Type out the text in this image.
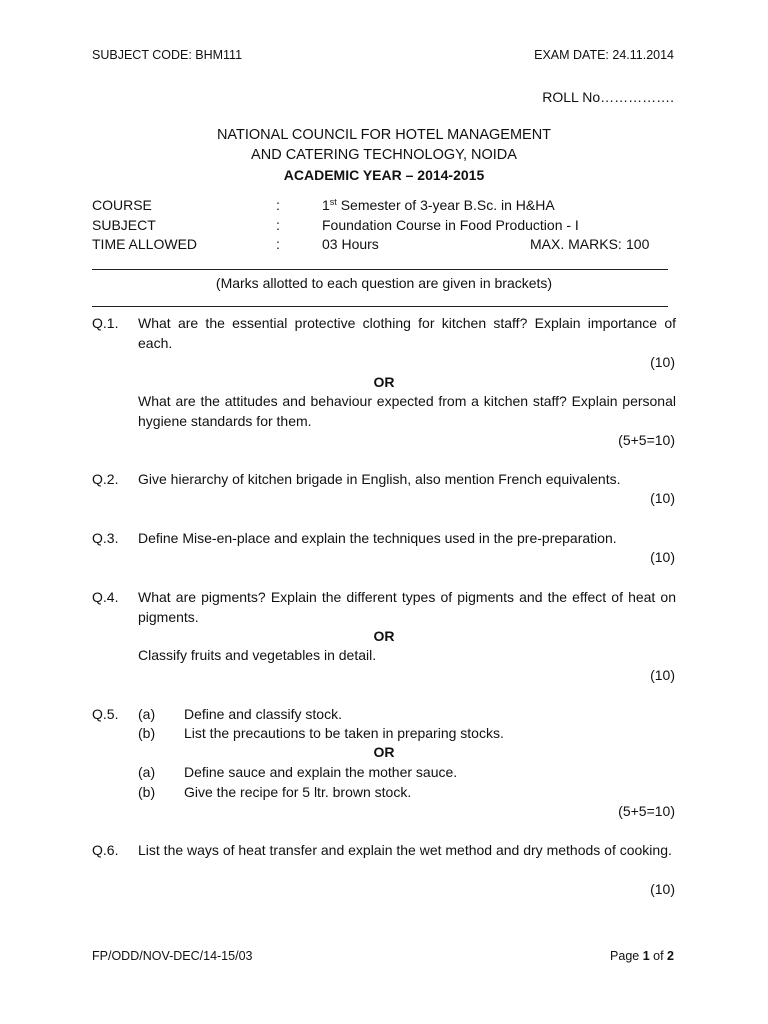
SUBJECT CODE: BHM111	EXAM DATE: 24.11.2014
ROLL No…………….
NATIONAL COUNCIL FOR HOTEL MANAGEMENT
AND CATERING TECHNOLOGY, NOIDA
ACADEMIC YEAR – 2014-2015
COURSE	:	1st Semester of 3-year B.Sc. in H&HA
SUBJECT	:	Foundation Course in Food Production - I
TIME ALLOWED	:	03 Hours	MAX. MARKS: 100
(Marks allotted to each question are given in brackets)
Q.1. What are the essential protective clothing for kitchen staff? Explain importance of each.
(10)
OR
What are the attitudes and behaviour expected from a kitchen staff? Explain personal hygiene standards for them.
(5+5=10)
Q.2. Give hierarchy of kitchen brigade in English, also mention French equivalents.
(10)
Q.3. Define Mise-en-place and explain the techniques used in the pre-preparation.
(10)
Q.4. What are pigments? Explain the different types of pigments and the effect of heat on pigments.
OR
Classify fruits and vegetables in detail.
(10)
Q.5. (a) Define and classify stock.
(b) List the precautions to be taken in preparing stocks.
OR
(a) Define sauce and explain the mother sauce.
(b) Give the recipe for 5 ltr. brown stock.
(5+5=10)
Q.6. List the ways of heat transfer and explain the wet method and dry methods of cooking.
(10)
FP/ODD/NOV-DEC/14-15/03	Page 1 of 2
